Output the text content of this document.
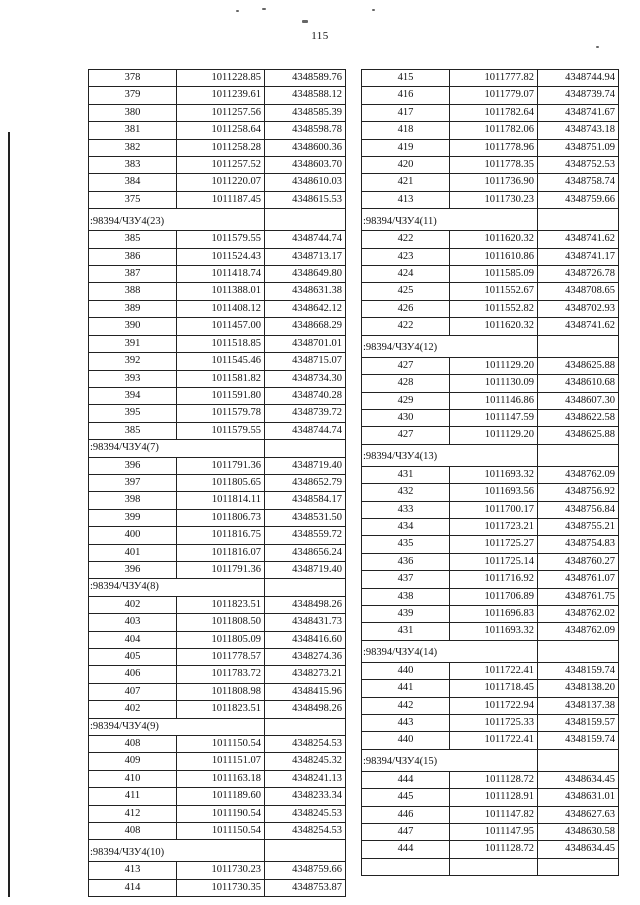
115
378	1011228.85	4348589.76
379	1011239.61	4348588.12
380	1011257.56	4348585.39
381	1011258.64	4348598.78
382	1011258.28	4348600.36
383	1011257.52	4348603.70
384	1011220.07	4348610.03
375	1011187.45	4348615.53
:98394/ЧЗУ4(23)		
385	1011579.55	4348744.74
386	1011524.43	4348713.17
387	1011418.74	4348649.80
388	1011388.01	4348631.38
389	1011408.12	4348642.12
390	1011457.00	4348668.29
391	1011518.85	4348701.01
392	1011545.46	4348715.07
393	1011581.82	4348734.30
394	1011591.80	4348740.28
395	1011579.78	4348739.72
385	1011579.55	4348744.74
:98394/ЧЗУ4(7)		
396	1011791.36	4348719.40
397	1011805.65	4348652.79
398	1011814.11	4348584.17
399	1011806.73	4348531.50
400	1011816.75	4348559.72
401	1011816.07	4348656.24
396	1011791.36	4348719.40
:98394/ЧЗУ4(8)		
402	1011823.51	4348498.26
403	1011808.50	4348431.73
404	1011805.09	4348416.60
405	1011778.57	4348274.36
406	1011783.72	4348273.21
407	1011808.98	4348415.96
402	1011823.51	4348498.26
:98394/ЧЗУ4(9)		
408	1011150.54	4348254.53
409	1011151.07	4348245.32
410	1011163.18	4348241.13
411	1011189.60	4348233.34
412	1011190.54	4348245.53
408	1011150.54	4348254.53
:98394/ЧЗУ4(10)		
413	1011730.23	4348759.66
414	1011730.35	4348753.87
415	1011777.82	4348744.94
416	1011779.07	4348739.74
417	1011782.64	4348741.67
418	1011782.06	4348743.18
419	1011778.96	4348751.09
420	1011778.35	4348752.53
421	1011736.90	4348758.74
413	1011730.23	4348759.66
:98394/ЧЗУ4(11)		
422	1011620.32	4348741.62
423	1011610.86	4348741.17
424	1011585.09	4348726.78
425	1011552.67	4348708.65
426	1011552.82	4348702.93
422	1011620.32	4348741.62
:98394/ЧЗУ4(12)		
427	1011129.20	4348625.88
428	1011130.09	4348610.68
429	1011146.86	4348607.30
430	1011147.59	4348622.58
427	1011129.20	4348625.88
:98394/ЧЗУ4(13)		
431	1011693.32	4348762.09
432	1011693.56	4348756.92
433	1011700.17	4348756.84
434	1011723.21	4348755.21
435	1011725.27	4348754.83
436	1011725.14	4348760.27
437	1011716.92	4348761.07
438	1011706.89	4348761.75
439	1011696.83	4348762.02
431	1011693.32	4348762.09
:98394/ЧЗУ4(14)		
440	1011722.41	4348159.74
441	1011718.45	4348138.20
442	1011722.94	4348137.38
443	1011725.33	4348159.57
440	1011722.41	4348159.74
:98394/ЧЗУ4(15)		
444	1011128.72	4348634.45
445	1011128.91	4348631.01
446	1011147.82	4348627.63
447	1011147.95	4348630.58
444	1011128.72	4348634.45
